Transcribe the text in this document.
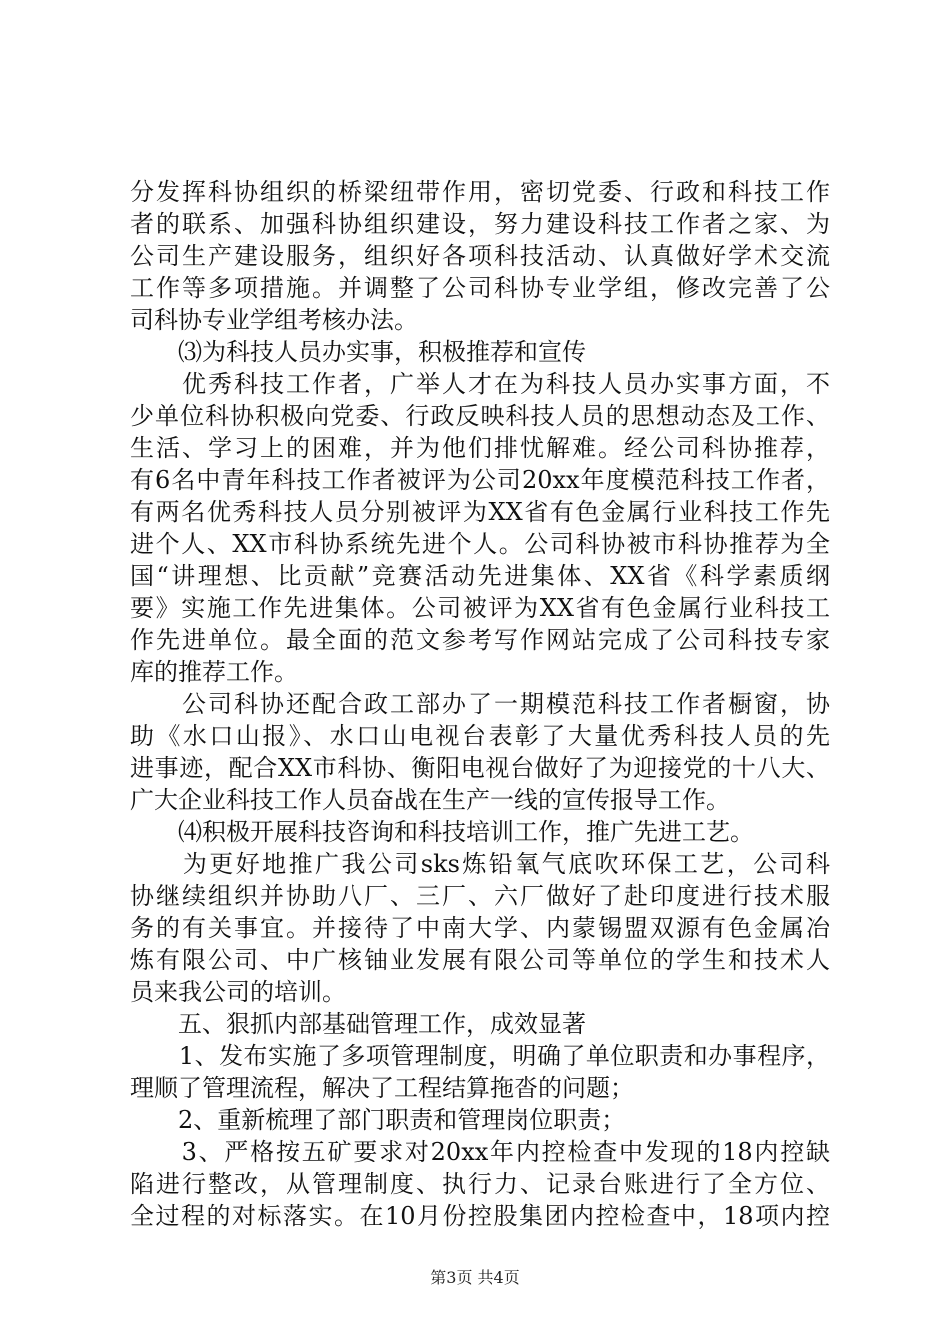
分发挥科协组织的桥梁纽带作用，密切党委、行政和科技工作
者的联系、加强科协组织建设，努力建设科技工作者之家、为
公司生产建设服务，组织好各项科技活动、认真做好学术交流
工作等多项措施。并调整了公司科协专业学组，修改完善了公
司科协专业学组考核办法。
　　⑶为科技人员办实事，积极推荐和宣传
　　优秀科技工作者，广举人才在为科技人员办实事方面，不
少单位科协积极向党委、行政反映科技人员的思想动态及工作、
生活、学习上的困难，并为他们排忧解难。经公司科协推荐，
有6名中青年科技工作者被评为公司20xx年度模范科技工作者，
有两名优秀科技人员分别被评为XX省有色金属行业科技工作先
进个人、XX市科协系统先进个人。公司科协被市科协推荐为全
国“讲理想、比贡献”竞赛活动先进集体、XX省《科学素质纲
要》实施工作先进集体。公司被评为XX省有色金属行业科技工
作先进单位。最全面的范文参考写作网站完成了公司科技专家
库的推荐工作。
　　公司科协还配合政工部办了一期模范科技工作者橱窗，协
助《水口山报》、水口山电视台表彰了大量优秀科技人员的先
进事迹，配合XX市科协、衡阳电视台做好了为迎接党的十八大、
广大企业科技工作人员奋战在生产一线的宣传报导工作。
　　⑷积极开展科技咨询和科技培训工作，推广先进工艺。
　　为更好地推广我公司sks炼铅氧气底吹环保工艺，公司科
协继续组织并协助八厂、三厂、六厂做好了赴印度进行技术服
务的有关事宜。并接待了中南大学、内蒙锡盟双源有色金属冶
炼有限公司、中广核铀业发展有限公司等单位的学生和技术人
员来我公司的培训。
　　五、狠抓内部基础管理工作，成效显著
　　1、发布实施了多项管理制度，明确了单位职责和办事程序，
理顺了管理流程，解决了工程结算拖沓的问题；
　　2、重新梳理了部门职责和管理岗位职责；
　　3、严格按五矿要求对20xx年内控检查中发现的18内控缺
陷进行整改，从管理制度、执行力、记录台账进行了全方位、
全过程的对标落实。在10月份控股集团内控检查中，18项内控
第3页 共4页
